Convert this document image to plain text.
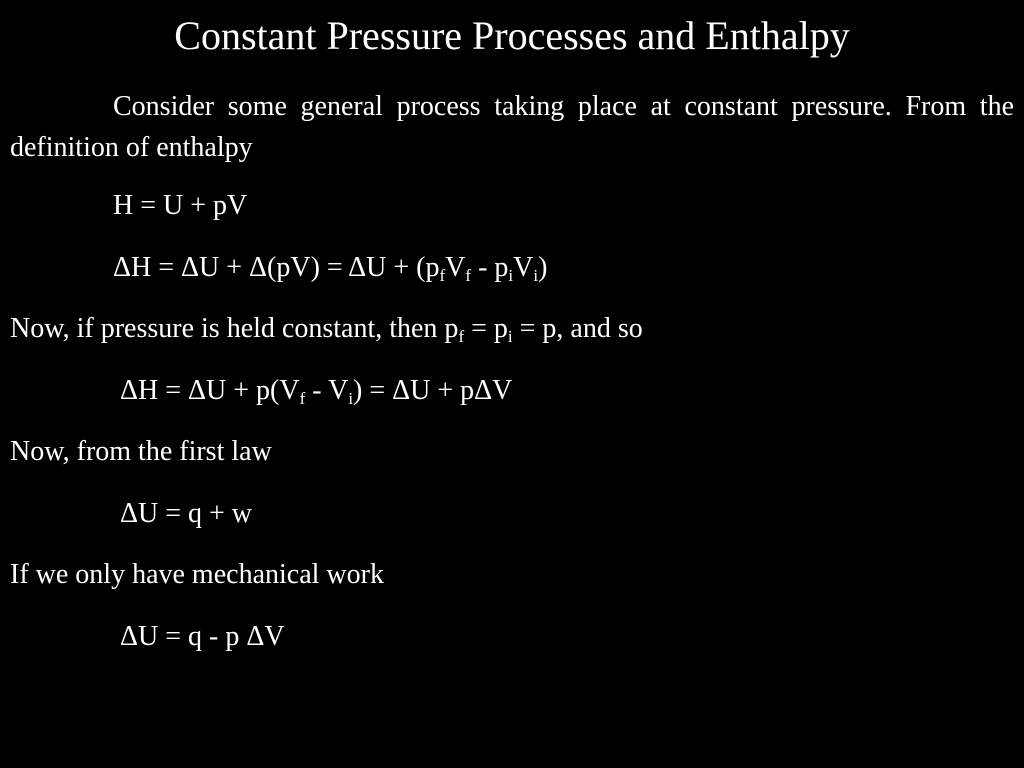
Constant Pressure Processes and Enthalpy

Consider some general process taking place at constant pressure. From the definition of enthalpy

H = U + pV
$\Delta H = \Delta U + \Delta(pV) = \Delta U + (p_fV_f - p_iV_i)$
Now, if pressure is held constant, then $p_f = p_i = p$, and so
$\Delta H = \Delta U + p(V_f - V_i) = \Delta U + p\Delta V$
Now, from the first law
ΔU = q + w
If we only have mechanical work
ΔU = q - p ΔV
